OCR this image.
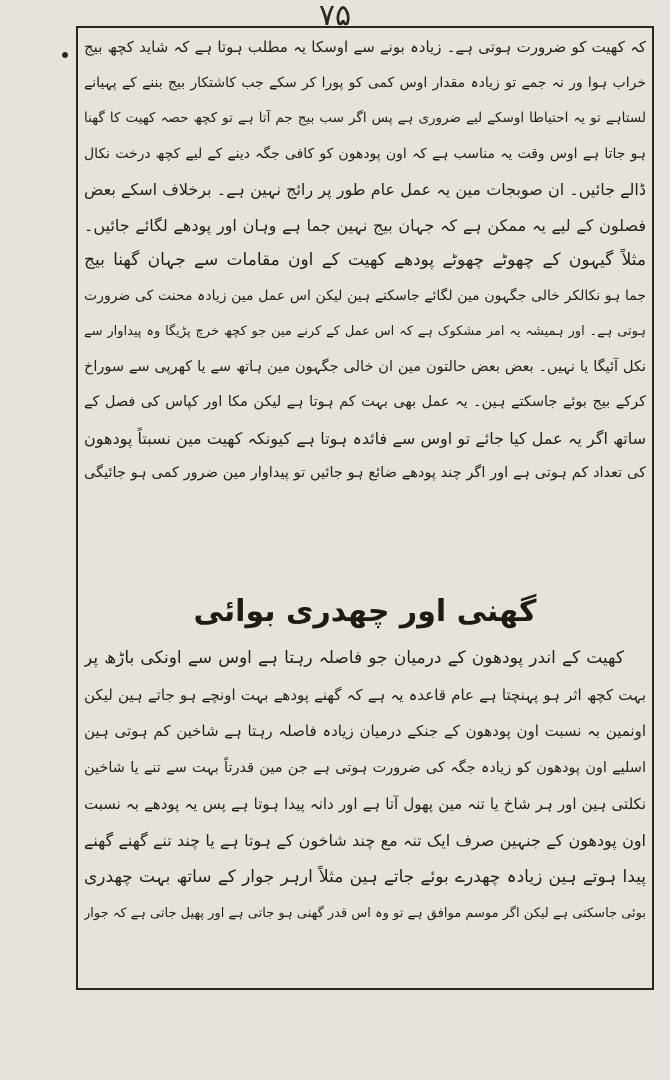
۷۵
کہ کھیت کو ضرورت ہوتی ہے۔ زیادہ بونے سے اوسکا یہ مطلب ہوتا ہے کہ شاید کچھ بیج
خراب ہوا ور نہ جمے تو زیادہ مقدار اوس کمی کو پورا کر سکے جب کاشتکار بیج بننے کے پہیانے
لستاہے تو یہ احتیاطا اوسکے لیے ضروری ہے پس اگر سب بیج جم آتا ہے تو کچھ حصہ کھیت کا گھنا
ہو جاتا ہے اوس وقت یہ مناسب ہے کہ اون پودھون کو کافی جگہ دینے کے لیے کچھ درخت نکال
ڈالے جائیں۔ ان صوبجات مین یہ عمل عام طور پر رائج نہین ہے۔ برخلاف اسکے بعض
فصلون کے لیے یہ ممکن ہے کہ جہان بیج نہین جما ہے وہان اور پودھے لگائے جائیں۔
مثلاً گیہون کے چھوٹے چھوٹے پودھے کھیت کے اون مقامات سے جہان گھنا بیج
جما ہو نکالکر خالی جگہون مین لگائے جاسکتے ہین لیکن اس عمل مین زیادہ محنت کی ضرورت
ہوتی ہے۔ اور ہمیشہ یہ امر مشکوک ہے کہ اس عمل کے کرنے مین جو کچھ خرچ پڑیگا وہ پیداوار سے
نکل آئیگا یا نہیں۔ بعض بعض حالتون مین ان خالی جگہون مین ہاتھ سے یا کھرپی سے سوراخ
کرکے بیج بوئے جاسکتے ہین۔ یہ عمل بھی بہت کم ہوتا ہے لیکن مکا اور کپاس کی فصل کے
ساتھ اگر یہ عمل کیا جائے تو اوس سے فائدہ ہوتا ہے کیونکہ کھیت مین نسبتاً پودھون
کی تعداد کم ہوتی ہے اور اگر چند پودھے ضائع ہو جائیں تو پیداوار مین ضرور کمی ہو جائیگی
گھنی اور چھدری بوائی
کھیت کے اندر پودھون کے درمیان جو فاصلہ رہتا ہے اوس سے اونکی باڑھ پر
بہت کچھ اثر ہو پہنچتا ہے عام قاعدہ یہ ہے کہ گھنے پودھے بہت اونچے ہو جاتے ہین لیکن
اونمین بہ نسبت اون پودھون کے جنکے درمیان زیادہ فاصلہ رہتا ہے شاخین کم ہوتی ہین
اسلیے اون پودھون کو زیادہ جگہ کی ضرورت ہوتی ہے جن مین قدرتاً بہت سے تنے یا شاخین
نکلتی ہین اور ہر شاخ یا تنہ مین پھول آتا ہے اور دانہ پیدا ہوتا ہے پس یہ پودھے بہ نسبت
اون پودھون کے جنہین صرف ایک تنہ مع چند شاخون کے ہوتا ہے یا چند تنے گھنے گھنے
پیدا ہوتے ہین زیادہ چھدرے بوئے جاتے ہین مثلاً ارہر جوار کے ساتھ بہت چھدری
بوئی جاسکتی ہے لیکن اگر موسم موافق ہے تو وہ اس قدر گھنی ہو جاتی ہے اور پھیل جاتی ہے کہ جوار
